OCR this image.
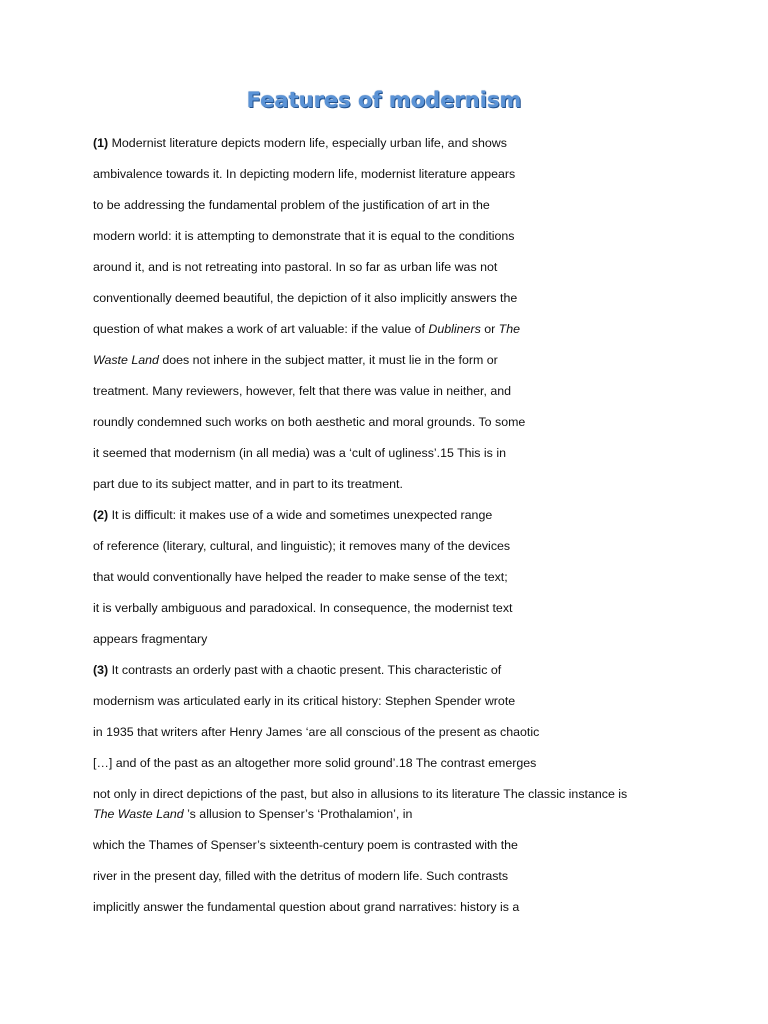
Features of modernism
(1) Modernist literature depicts modern life, especially urban life, and shows
ambivalence towards it. In depicting modern life, modernist literature appears
to be addressing the fundamental problem of the justification of art in the
modern world: it is attempting to demonstrate that it is equal to the conditions
around it, and is not retreating into pastoral. In so far as urban life was not
conventionally deemed beautiful, the depiction of it also implicitly answers the
question of what makes a work of art valuable: if the value of Dubliners or The
Waste Land does not inhere in the subject matter, it must lie in the form or
treatment. Many reviewers, however, felt that there was value in neither, and
roundly condemned such works on both aesthetic and moral grounds. To some
it seemed that modernism (in all media) was a ‘cult of ugliness’.15 This is in
part due to its subject matter, and in part to its treatment.
(2) It is difficult: it makes use of a wide and sometimes unexpected range
of reference (literary, cultural, and linguistic); it removes many of the devices
that would conventionally have helped the reader to make sense of the text;
it is verbally ambiguous and paradoxical. In consequence, the modernist text
appears fragmentary
(3) It contrasts an orderly past with a chaotic present. This characteristic of
modernism was articulated early in its critical history: Stephen Spender wrote
in 1935 that writers after Henry James ‘are all conscious of the present as chaotic
[…] and of the past as an altogether more solid ground’.18 The contrast emerges
not only in direct depictions of the past, but also in allusions to its literature The classic instance is
The Waste Land ’s allusion to Spenser’s ‘Prothalamion’, in
which the Thames of Spenser’s sixteenth-century poem is contrasted with the
river in the present day, filled with the detritus of modern life. Such contrasts
implicitly answer the fundamental question about grand narratives: history is a
